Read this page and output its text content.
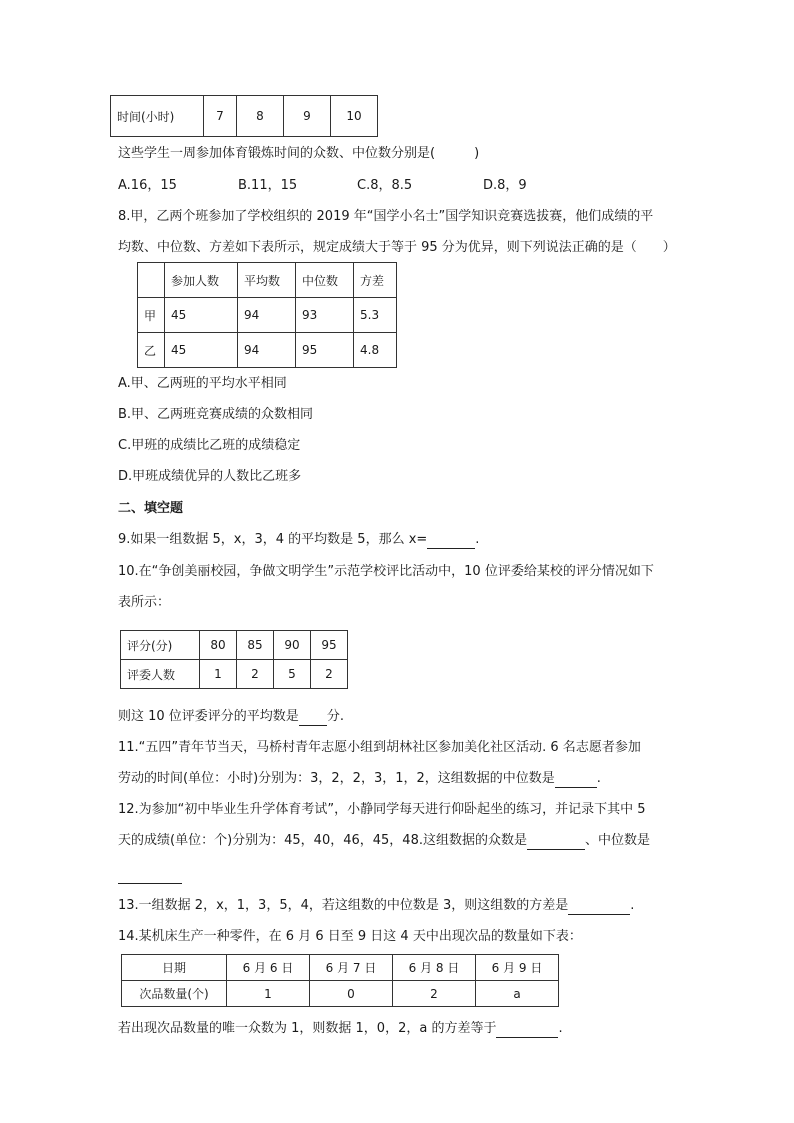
时间(小时)	7	8	9	10
这些学生一周参加体育锻炼时间的众数、中位数分别是(　　　)
A.16，15	B.11，15	C.8，8.5	D.8，9
8.甲，乙两个班参加了学校组织的 2019 年“国学小名士”国学知识竞赛选拔赛，他们成绩的平
均数、中位数、方差如下表所示，规定成绩大于等于 95 分为优异，则下列说法正确的是（　　）
	参加人数	平均数	中位数	方差
甲	45	94	93	5.3
乙	45	94	95	4.8
A.甲、乙两班的平均水平相同
B.甲、乙两班竞赛成绩的众数相同
C.甲班的成绩比乙班的成绩稳定
D.甲班成绩优异的人数比乙班多
二、填空题
9.如果一组数据 5，x，3，4 的平均数是 5，那么 x=	.
10.在“争创美丽校园，争做文明学生”示范学校评比活动中，10 位评委给某校的评分情况如下
表所示：
评分(分)	80	85	90	95
评委人数	1	2	5	2
则这 10 位评委评分的平均数是 分.
11.“五四”青年节当天，马桥村青年志愿小组到胡林社区参加美化社区活动. 6 名志愿者参加
劳动的时间(单位：小时)分别为：3，2，2，3，1，2，这组数据的中位数是	.
12.为参加“初中毕业生升学体育考试”，小静同学每天进行仰卧起坐的练习，并记录下其中 5
天的成绩(单位：个)分别为：45，40，46，45，48.这组数据的众数是	、中位数是
13.一组数据 2，x，1，3，5，4，若这组数的中位数是 3，则这组数的方差是	.
14.某机床生产一种零件，在 6 月 6 日至 9 日这 4 天中出现次品的数量如下表：
日期	6 月 6 日	6 月 7 日	6 月 8 日	6 月 9 日
次品数量(个)	1	0	2	a
若出现次品数量的唯一众数为 1，则数据 1，0，2，a 的方差等于	.
